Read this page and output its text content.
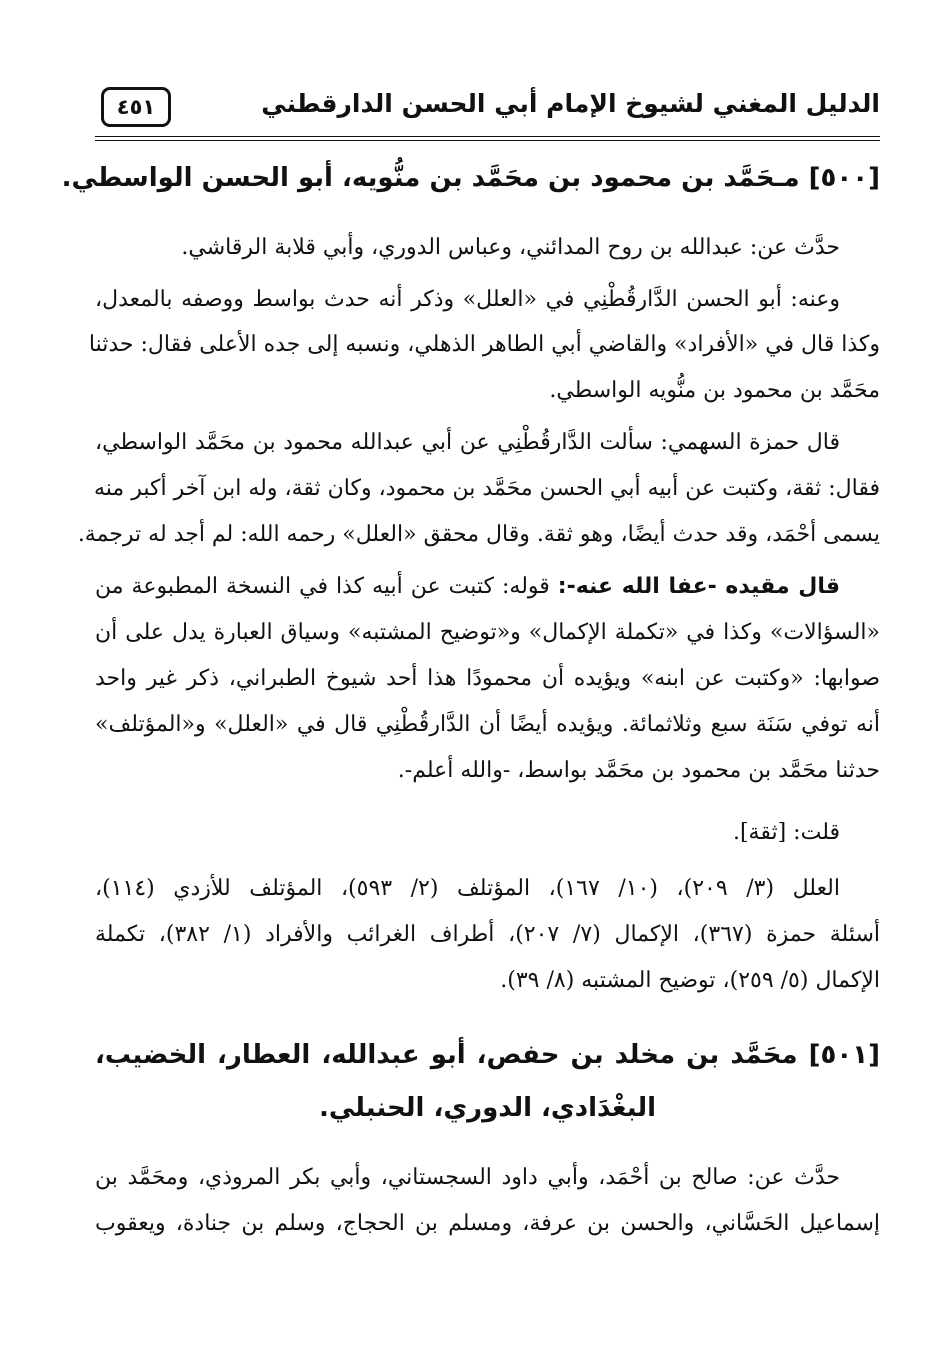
الدليل المغني لشيوخ الإمام أبي الحسن الدارقطني
٤٥١
[٥٠٠] مـحَمَّد بن محمود بن محَمَّد بن منُّويه، أبو الحسن الواسطي.
حدَّث عن: عبدالله بن روح المدائني، وعباس الدوري، وأبي قلابة الرقاشي.
وعنه: أبو الحسن الدَّارقُطْنِي في «العلل» وذكر أنه حدث بواسط ووصفه بالمعدل،
وكذا قال في «الأفراد» والقاضي أبي الطاهر الذهلي، ونسبه إلى جده الأعلى فقال: حدثنا
محَمَّد بن محمود بن منُّويه الواسطي.
قال حمزة السهمي: سألت الدَّارقُطْنِي عن أبي عبدالله محمود بن محَمَّد الواسطي،
فقال: ثقة، وكتبت عن أبيه أبي الحسن محَمَّد بن محمود، وكان ثقة، وله ابن آخر أكبر منه
يسمى أحْمَد، وقد حدث أيضًا، وهو ثقة. وقال محقق «العلل» رحمه الله: لم أجد له ترجمة.
قال مقيده -عفا الله عنه-: قوله: كتبت عن أبيه كذا في النسخة المطبوعة من
«السؤالات» وكذا في «تكملة الإكمال» و«توضيح المشتبه» وسياق العبارة يدل على أن
صوابها: «وكتبت عن ابنه» ويؤيده أن محمودًا هذا أحد شيوخ الطبراني، ذكر غير واحد
أنه توفي سَنَة سبع وثلاثمائة. ويؤيده أيضًا أن الدَّارقُطْنِي قال في «العلل» و«المؤتلف»
حدثنا محَمَّد بن محمود بن محَمَّد بواسط، -والله أعلم-.
قلت: [ثقة].
العلل (٣/ ٢٠٩)، (١٠/ ١٦٧)، المؤتلف (٢/ ٥٩٣)، المؤتلف للأزدي (١١٤)،
أسئلة حمزة (٣٦٧)، الإكمال (٧/ ٢٠٧)، أطراف الغرائب والأفراد (١/ ٣٨٢)، تكملة
الإكمال (٥/ ٢٥٩)، توضيح المشتبه (٨/ ٣٩).
[٥٠١] محَمَّد بن مخلد بن حفص، أبو عبدالله، العطار، الخضيب،
البغْدَادي، الدوري، الحنبلي.
حدَّث عن: صالح بن أحْمَد، وأبي داود السجستاني، وأبي بكر المروذي، ومحَمَّد بن
إسماعيل الحَسَّاني، والحسن بن عرفة، ومسلم بن الحجاج، وسلم بن جنادة، ويعقوب
